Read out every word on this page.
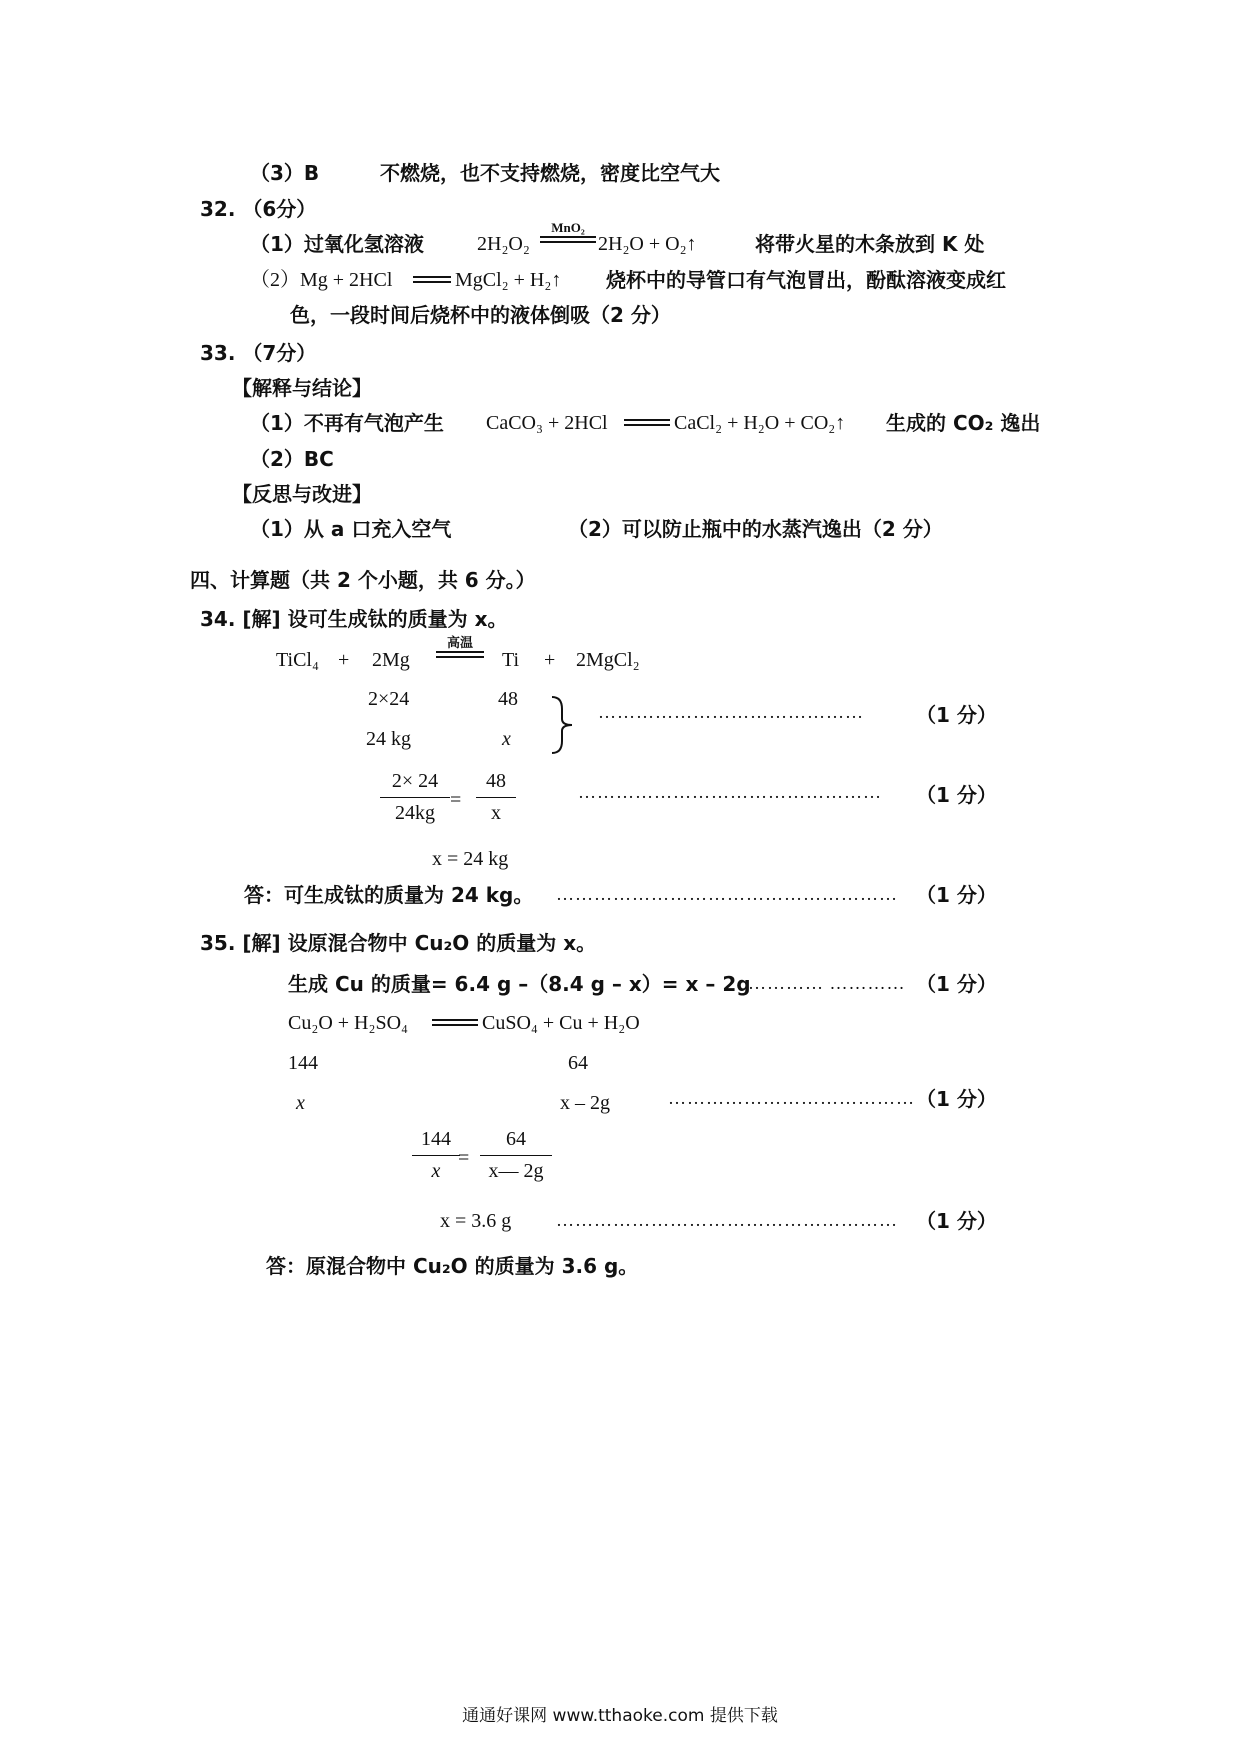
（3）B	不燃烧，也不支持燃烧，密度比空气大
32. （6分）
（1）过氧化氢溶液	2H₂O₂
MnO₂
2H₂O + O₂↑	将带火星的木条放到 K 处
（2）Mg + 2HCl	MgCl₂ + H₂↑ 烧杯中的导管口有气泡冒出，酚酞溶液变成红
色，一段时间后烧杯中的液体倒吸（2 分）
33. （7分）
【解释与结论】
（1）不再有气泡产生 CaCO₃ + 2HCl	CaCl₂ + H₂O + CO₂↑ 生成的 CO₂ 逸出
（2）BC
【反思与改进】
（1）从 a 口充入空气	（2）可以防止瓶中的水蒸汽逸出（2 分）
四、计算题（共 2 个小题，共 6 分。）
34. [解] 设可生成钛的质量为 x。
TiCl₄ + 2Mg
高温
Ti + 2MgCl₂
2×24	48
24 kg	x
……………………………………	（1 分）
$\frac{2\times 24}{24kg} = \frac{48}{x}$	………………………………………… （1 分）
x = 24 kg
答：可生成钛的质量为 24 kg。 ……………………………………………… （1 分）
35. [解] 设原混合物中 Cu₂O 的质量为 x。
生成 Cu 的质量= 6.4 g –（8.4 g – x）= x – 2g
………… ………… （1 分）
Cu₂O + H₂SO₄	CuSO₄ + Cu + H₂O
144	64
x	x – 2g	………………………………… （1 分）
$\frac{144}{x}$
= $\frac{64}{x— 2g}$
x = 3.6 g ……………………………………………… （1 分）
答：原混合物中 Cu₂O 的质量为 3.6 g。
通通好课网 www.tthaoke.com 提供下载
